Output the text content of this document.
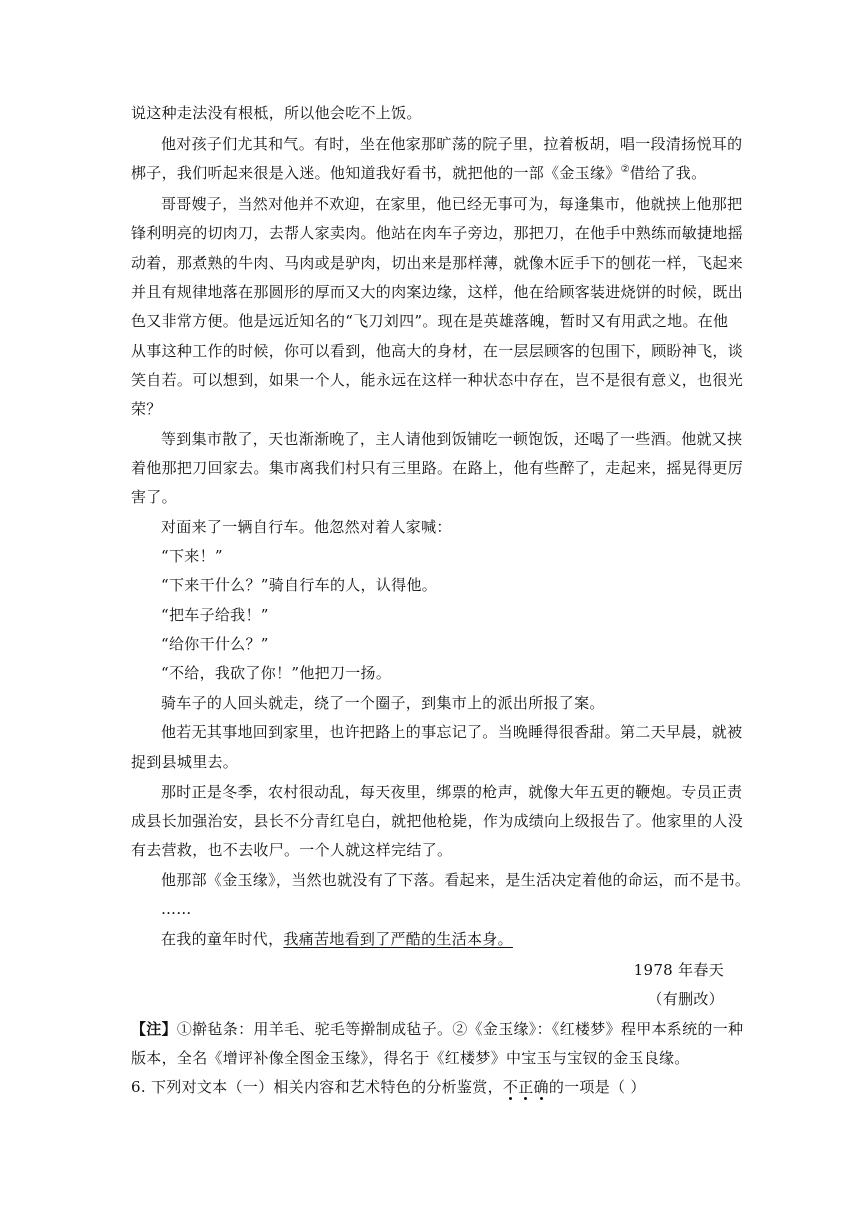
说这种走法没有根柢，所以他会吃不上饭。
他对孩子们尤其和气。有时，坐在他家那旷荡的院子里，拉着板胡，唱一段清扬悦耳的
梆子，我们听起来很是入迷。他知道我好看书，就把他的一部《金玉缘》②借给了我。
哥哥嫂子，当然对他并不欢迎，在家里，他已经无事可为，每逢集市，他就挟上他那把
锋利明亮的切肉刀，去帮人家卖肉。他站在肉车子旁边，那把刀，在他手中熟练而敏捷地摇
动着，那煮熟的牛肉、马肉或是驴肉，切出来是那样薄，就像木匠手下的刨花一样，飞起来
并且有规律地落在那圆形的厚而又大的肉案边缘，这样，他在给顾客装进烧饼的时候，既出
色又非常方便。他是远近知名的“飞刀刘四”。现在是英雄落魄，暂时又有用武之地。在他
从事这种工作的时候，你可以看到，他高大的身材，在一层层顾客的包围下，顾盼神飞，谈
笑自若。可以想到，如果一个人，能永远在这样一种状态中存在，岂不是很有意义，也很光
荣？
等到集市散了，天也渐渐晚了，主人请他到饭铺吃一顿饱饭，还喝了一些酒。他就又挟
着他那把刀回家去。集市离我们村只有三里路。在路上，他有些醉了，走起来，摇晃得更厉
害了。
对面来了一辆自行车。他忽然对着人家喊：
“下来！”
“下来干什么？”骑自行车的人，认得他。
“把车子给我！”
“给你干什么？”
“不给，我砍了你！”他把刀一扬。
骑车子的人回头就走，绕了一个圈子，到集市上的派出所报了案。
他若无其事地回到家里，也许把路上的事忘记了。当晚睡得很香甜。第二天早晨，就被
捉到县城里去。
那时正是冬季，农村很动乱，每天夜里，绑票的枪声，就像大年五更的鞭炮。专员正责
成县长加强治安，县长不分青红皂白，就把他枪毙，作为成绩向上级报告了。他家里的人没
有去营救，也不去收尸。一个人就这样完结了。
他那部《金玉缘》，当然也就没有了下落。看起来，是生活决定着他的命运，而不是书。
……
在我的童年时代，我痛苦地看到了严酷的生活本身。
1978 年春天
（有删改）
【注】①擀毡条：用羊毛、驼毛等擀制成毡子。②《金玉缘》：《红楼梦》程甲本系统的一种
版本，全名《增评补像全图金玉缘》，得名于《红楼梦》中宝玉与宝钗的金玉良缘。
6. 下列对文本（一）相关内容和艺术特色的分析鉴赏，不正确的一项是（ ）
